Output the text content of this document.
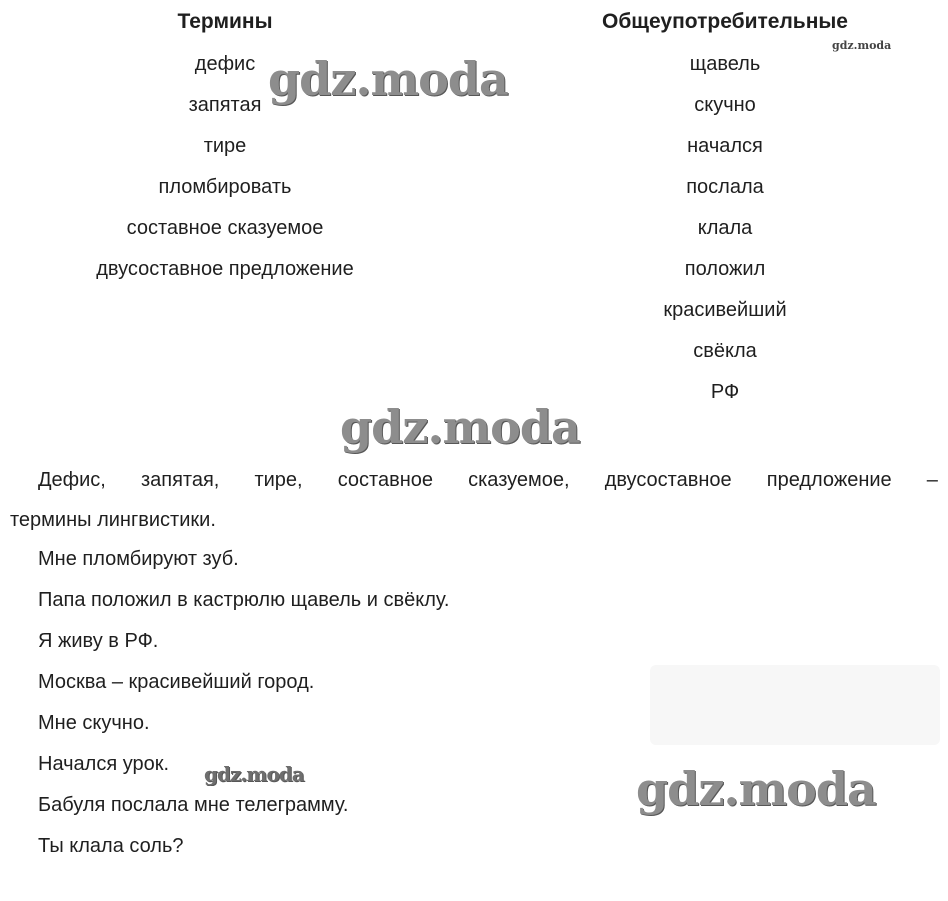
Термины	Общеупотребительные
дефис
запятая
тире
пломбировать
составное сказуемое
двусоставное предложение
щавель
скучно
начался
послала
клала
положил
красивейший
свёкла
РФ
Дефис, запятая, тире, составное сказуемое, двусоставное предложение –
термины лингвистики.
Мне пломбируют зуб.
Папа положил в кастрюлю щавель и свёклу.
Я живу в РФ.
Москва – красивейший город.
Мне скучно.
Начался урок.
Бабуля послала мне телеграмму.
Ты клала соль?
gdz.moda
gdz.moda
gdz.moda
gdz.moda
gdz.moda
